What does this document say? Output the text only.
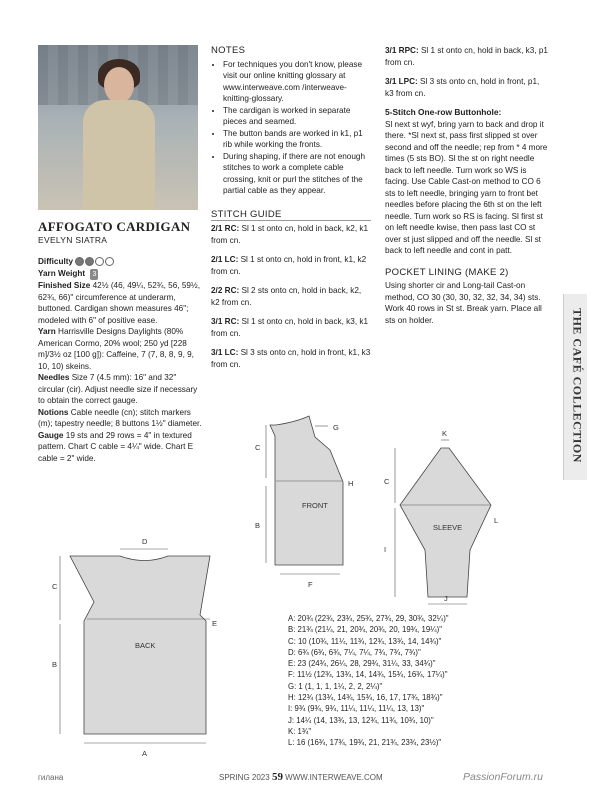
AFFOGATO CARDIGAN
EVELYN SIATRA
Difficulty
Yarn Weight 3
Finished Size 42½ (46, 49¼, 52¾, 56, 59½, 62¾, 66)" circumference at underarm, buttoned. Cardigan shown measures 46"; modeled with 6" of positive ease.
Yarn Harrisville Designs Daylights (80% American Cormo, 20% wool; 250 yd [228 m]/3½ oz [100 g]): Caffeine, 7 (7, 8, 8, 9, 9, 10, 10) skeins.
Needles Size 7 (4.5 mm): 16" and 32" circular (cir). Adjust needle size if necessary to obtain the correct gauge.
Notions Cable needle (cn); stitch markers (m); tapestry needle; 8 buttons 1½" diameter.
Gauge 19 sts and 29 rows = 4" in textured pattern. Chart C cable = 4¼" wide. Chart E cable = 2" wide.
NOTES
• For techniques you don't know, please visit our online knitting glossary at www.interweave.com /interweave-knitting-glossary.
• The cardigan is worked in separate pieces and seamed.
• The button bands are worked in k1, p1 rib while working the fronts.
• During shaping, if there are not enough stitches to work a complete cable crossing, knit or purl the stitches of the partial cable as they appear.
STITCH GUIDE

2/1 RC: Sl 1 st onto cn, hold in back, k2, k1 from cn.

2/1 LC: Sl 1 st onto cn, hold in front, k1, k2 from cn.

2/2 RC: Sl 2 sts onto cn, hold in back, k2, k2 from cn.

3/1 RC: Sl 1 st onto cn, hold in back, k3, k1 from cn.

3/1 LC: Sl 3 sts onto cn, hold in front, k1, k3 from cn.

3/1 RPC: Sl 1 st onto cn, hold in back, k3, p1 from cn.

3/1 LPC: Sl 3 sts onto cn, hold in front, p1, k3 from cn.

5-Stitch One-row Buttonhole:

Sl next st wyf, bring yarn to back and drop it there. *Sl next st, pass first slipped st over second and off the needle; rep from * 4 more times (5 sts BO). Sl the st on right needle back to left needle. Turn work so WS is facing. Use Cable Cast-on method to CO 6 sts to left needle, bringing yarn to front bet needles before placing the 6th st on the left needle. Turn work so RS is facing. Sl first st on left needle kwise, then pass last CO st over st just slipped and off the needle. Sl st back to left needle and cont in patt.

POCKET LINING (MAKE 2)

Using shorter cir and Long-tail Cast-on method, CO 30 (30, 30, 32, 32, 34, 34) sts. Work 40 rows in St st. Break yarn. Place all sts on holder.	THE CAFÉ COLLECTION
FRONT
BACK
SLEEVE
D
C
B
E
A
C
B
G
H
F
K
C
I
L
J
A: 20¾ (22¾, 23¾, 25¾, 27¾, 29, 30¾, 32¼)"
B: 21¾ (21¼, 21, 20¾, 20¾, 20, 19¾, 19¼)"
C: 10 (10¾, 11¼, 11¾, 12¾, 13¾, 14, 14¾)"
D: 6¾ (6¾, 6¾, 7¼, 7¼, 7¾, 7¾, 7¾)"
E: 23 (24¾, 26¼, 28, 29¾, 31¼, 33, 34¾)"
F: 11½ (12¾, 13¾, 14, 14¾, 15¾, 16¾, 17¼)"
G: 1 (1, 1, 1, 1¼, 2, 2, 2¼)"
H: 12¾ (13¾, 14¾, 15¾, 16, 17, 17¾, 18¾)"
I: 9¾ (9¾, 9¾, 11¼, 11¼, 11¼, 13, 13)"
J: 14¼ (14, 13¾, 13, 12¾, 11¾, 10¾, 10)"
K: 1¾"
L: 16 (16¾, 17¾, 19¾, 21, 21¾, 23¾, 23½)"
гилана	SPRING 2023 59 WWW.INTERWEAVE.COM	PassionForum.ru
